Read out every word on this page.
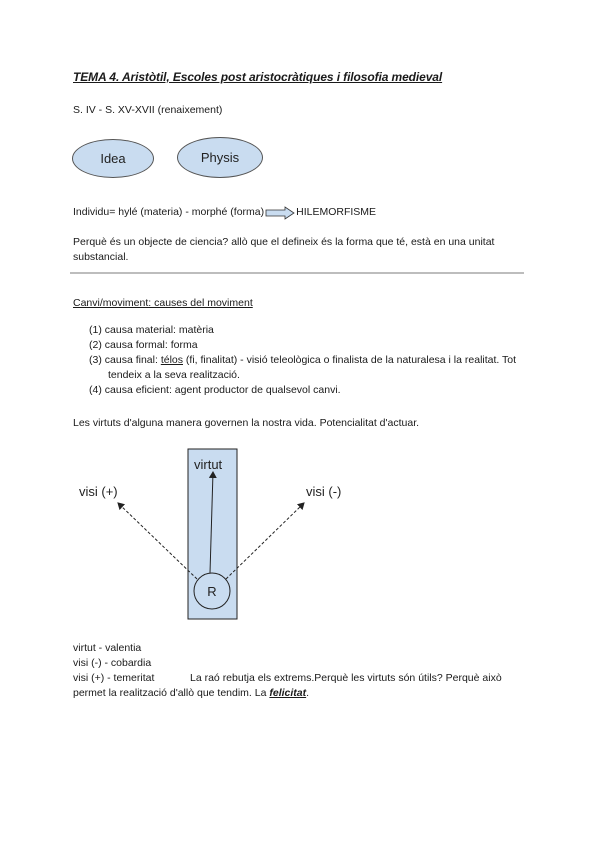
TEMA 4. Aristòtil, Escoles post aristocràtiques i filosofia medieval
S. IV - S. XV-XVII (renaixement)
Idea	Physis
Individu= hylé (materia) - morphé (forma)	HILEMORFISME
Perquè és un objecte de ciencia? allò que el defineix és la forma que té, està en una unitat substancial.
Canvi/moviment: causes del moviment
(1) causa material: matèria
(2) causa formal: forma
(3) causa final: télos (fi, finalitat) - visió teleològica o finalista de la naturalesa i la realitat. Tot tendeix a la seva realització.
(4) causa eficient: agent productor de qualsevol canvi.
Les virtuts d'alguna manera governen la nostra vida. Potencialitat d'actuar.
R
virtut
visi (+)	visi (-)
virtut - valentia
visi (-) - cobardia
visi (+) - temeritat	La raó rebutja els extrems.Perquè les virtuts són útils? Perquè això
permet la realització d'allò que tendim. La felicitat.
